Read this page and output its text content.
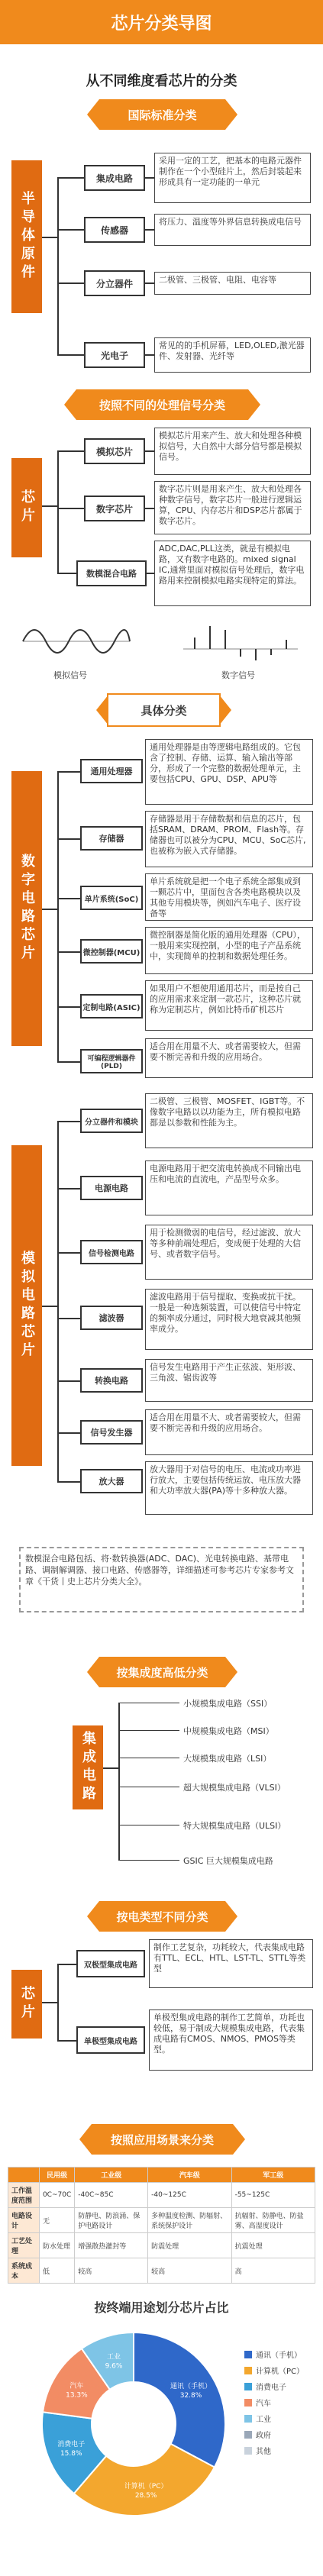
芯片分类导图
从不同维度看芯片的分类
国际标准分类
半导体原件
集成电路
采用一定的工艺，把基本的电路元器件制作在一个小型硅片上，然后封装起来形成具有一定功能的一单元
传感器
将压力、温度等外界信息转换成电信号
分立器件	二极管、三极管、电阻、电容等
光电子
常见的的手机屏幕，LED,OLED,激光器件、发射器、光纤等
按照不同的处理信号分类
芯片
模拟芯片
模拟芯片用来产生、放大和处理各种模拟信号，大自然中大部分信号都是模拟信号。
数字芯片
数字芯片则是用来产生、放大和处理各种数字信号，数字芯片一般进行逻辑运算，CPU、内存芯片和DSP芯片都属于数字芯片。
数模混合电路
ADC,DAC,PLL这类，就是有模拟电路，又有数字电路的。mixed signal IC,通常里面对模拟信号处理后，数字电路用来控制模拟电路实现特定的算法。
模拟信号	数字信号
具体分类
数字电路芯片
通用处理器
通用处理器是由等逻辑电路组成的。它包含了控制、存储、运算、输入输出等部分，形成了一个完整的数据处理单元，主要包括CPU、GPU、DSP、APU等
存储器
存储器是用于存储数据和信息的芯片，包括SRAM、DRAM、PROM、Flash等。存储器也可以被分为CPU、MCU、SoC芯片,也被称为嵌入式存储器。
单片系统(SoC)
单片系统就是把一个电子系统全部集成到一颗芯片中，里面包含各类电路模块以及其他专用模块等，例如汽车电子、医疗设备等
微控制器(MCU)
微控制器是简化版的通用处理器（CPU），一般用来实现控制，小型的电子产品系统中，实现简单的控制和数据处理任务。
定制电路(ASIC)
如果用户不想使用通用芯片，而是按自己的应用需求来定制一款芯片，这种芯片就称为定制芯片，例如比特币矿机芯片
可编程逻辑器件(PLD)
适合用在用量不大、或者需要较大，但需要不断完善和升级的应用场合。
模拟电路芯片
分立器件和模块
二极管、三极管、MOSFET、IGBT等。不像数字电路以以功能为主，所有模拟电路都是以参数和性能为主。
电源电路
电源电路用于把交流电转换成不同输出电压和电流的直流电，产品型号众多。
信号检测电路
用于检测微弱的电信号，经过滤波、放大等多种前端处理后，变成便于处理的大信号、或者数字信号。
滤波器
滤波电路用于信号提取、变换或抗干扰。一般是一种选频装置，可以使信号中特定的频率成分通过，同时极大地衰减其他频率成分。
转换电路
信号发生电路用于产生正弦波、矩形波、三角波、锯齿波等
信号发生器
适合用在用量不大、或者需要较大，但需要不断完善和升级的应用场合。
放大器
放大器用于对信号的电压、电流或功率进行放大，主要包括传统运放、电压放大器和大功率放大器(PA)等十多种放大器。
数模混合电路包括、将·数转换器(ADC、DAC)、光电转换电路、基带电路、调制解调器、接口电路、传感器等，详细描述可参考芯片专家参考文章《干货丨史上芯片分类大全》。
按集成度高低分类
集成电路
小规模集成电路（SSI）
中规模集成电路（MSI）
大规模集成电路（LSI）
超大规模集成电路（VLSI）
特大规模集成电路（ULSI）
GSIC 巨大规模集成电路
按电类型不同分类
芯片
双极型集成电路
制作工艺复杂，功耗较大，代表集成电路有TTL、ECL、HTL、LST-TL、STTL等类型
单极型集成电路
单极型集成电路的制作工艺简单，功耗也较低，易于制成大规模集成电路，代表集成电路有CMOS、NMOS、PMOS等类型。
按照应用场景来分类
	民用级	工业级	汽车级	军工级
工作温度范围	0C~70C	-40C~85C	-40~125C	-55~125C
电路设计	无	防静电、防浪涌、保护电路设计	多种温度检测、防辐射、系统保护设计	抗辐射、防静电、防盐雾、高湿度设计
工艺处理	防水处理	增强散热灌封等	防震处理	抗震处理
系统成本	低	较高	较高	高
按终端用途划分芯片占比
通讯（手机）
32.8%
计算机（PC）
28.5%
消费电子
15.8%
汽车
13.3%
工业
9.6%
通讯（手机）
计算机（PC）
消费电子
汽车
工业
政府
其他
